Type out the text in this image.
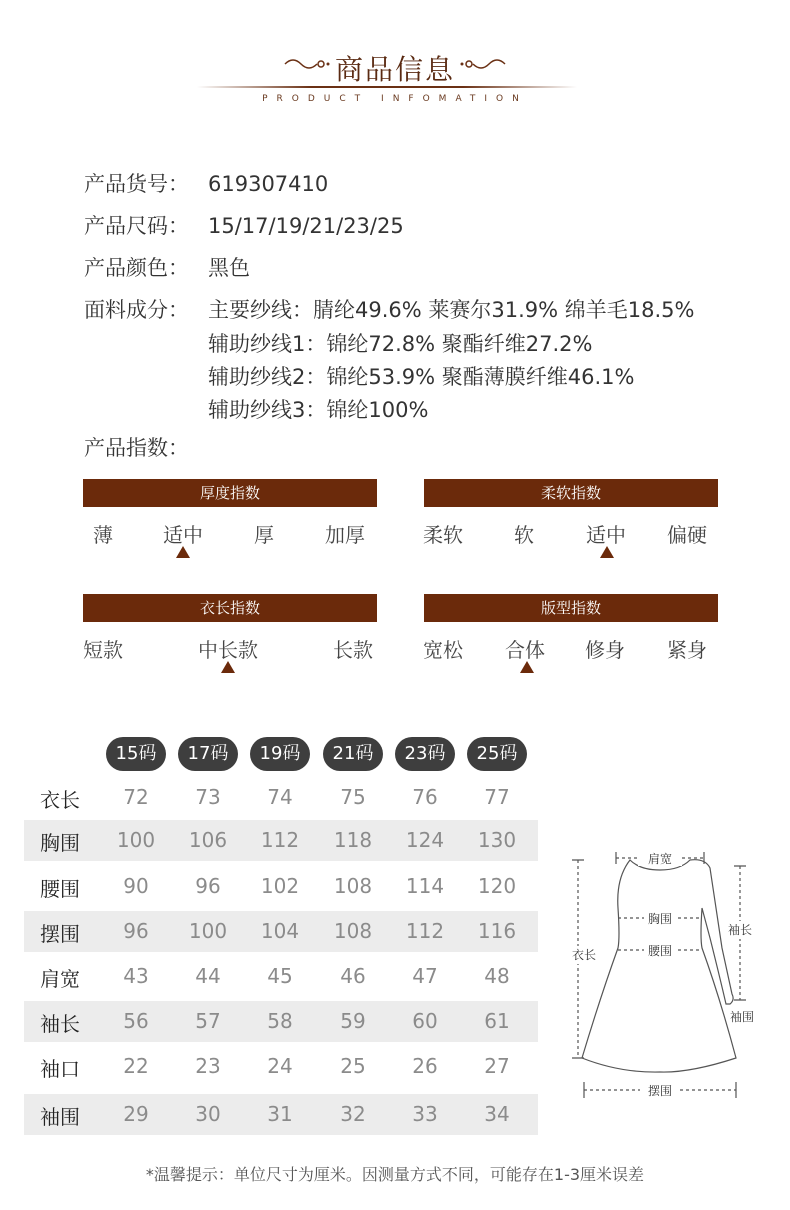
商品信息
PRODUCT INFOMATION
产品货号： 619307410
产品尺码： 15/17/19/21/23/25
产品颜色： 黑色
面料成分： 主要纱线：腈纶49.6% 莱赛尔31.9% 绵羊毛18.5%
辅助纱线1：锦纶72.8% 聚酯纤维27.2%
辅助纱线2：锦纶53.9% 聚酯薄膜纤维46.1%
辅助纱线3：锦纶100%
产品指数：
厚度指数
薄	适中	厚	加厚
柔软指数
柔软	软	适中 偏硬
衣长指数
短款	中长款	长款
版型指数
宽松 合体 修身 紧身
15码	17码	19码	21码	23码	25码
衣长 72 73 74 75 76 77
胸围 100 106 112 118 124 130
腰围 90 96 102 108 114 120
摆围 96 100 104 108 112 116
肩宽 43 44 45 46 47 48
袖长 56 57 58 59 60 61
袖口 22 23 24 25 26 27
袖围 29 30 31 32 33 34
肩宽
胸围
腰围
衣长
袖长
袖围
摆围
*温馨提示：单位尺寸为厘米。因测量方式不同，可能存在1-3厘米误差
